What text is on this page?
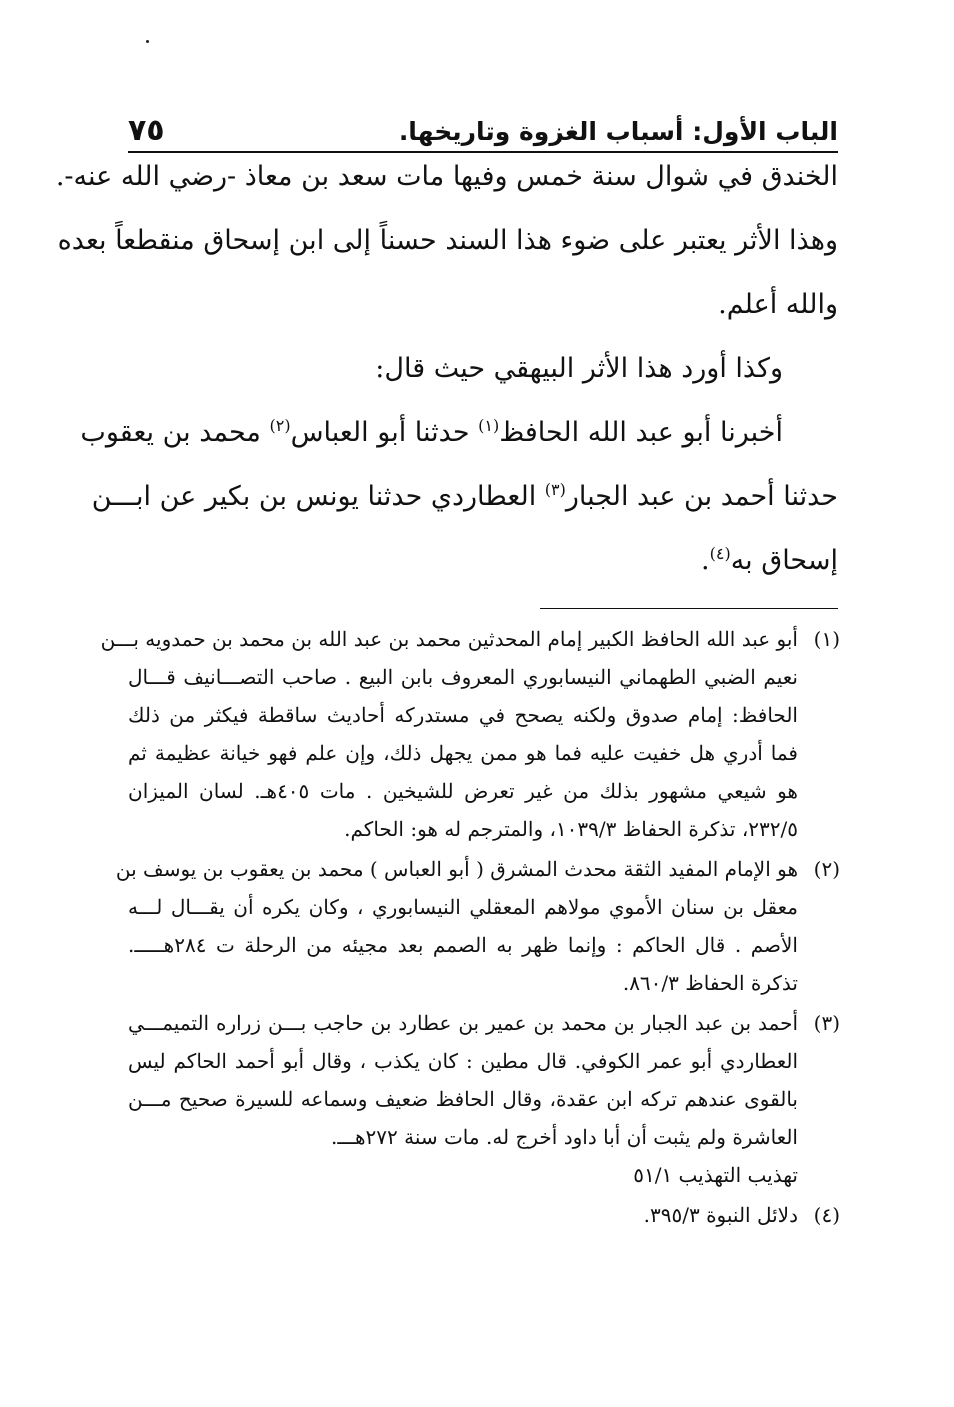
الباب الأول: أسباب الغزوة وتاريخها.
٧٥
الخندق في شوال سنة خمس وفيها مات سعد بن معاذ -رضي الله عنه-.
وهذا الأثر يعتبر على ضوء هذا السند حسناً إلى ابن إسحاق منقطعاً بعده
والله أعلم.
وكذا أورد هذا الأثر البيهقي حيث قال:
أخبرنا أبو عبد الله الحافظ$^{(١)}$ حدثنا أبو العباس$^{(٢)}$ محمد بن يعقوب
حدثنا أحمد بن عبد الجبار$^{(٣)}$ العطاردي حدثنا يونس بن بكير عن ابـــن
إسحاق به$^{(٤)}$.
(١)
أبو عبد الله الحافظ الكبير إمام المحدثين محمد بن عبد الله بن محمد بن حمدويه بـــن
نعيم الضبي الطهماني النيسابوري المعروف بابن البيع . صاحب التصـــانيف قـــال
الحافظ: إمام صدوق ولكنه يصحح في مستدركه أحاديث ساقطة فيكثر من ذلك
فما أدري هل خفيت عليه فما هو ممن يجهل ذلك، وإن علم فهو خيانة عظيمة ثم
هو شيعي مشهور بذلك من غير تعرض للشيخين . مات ٤٠٥هـ. لسان الميزان
٢٣٢/٥، تذكرة الحفاظ ١٠٣٩/٣، والمترجم له هو: الحاكم.
(٢)
هو الإمام المفيد الثقة محدث المشرق ( أبو العباس ) محمد بن يعقوب بن يوسف بن
معقل بن سنان الأموي مولاهم المعقلي النيسابوري ، وكان يكره أن يقـــال لـــه
الأصم . قال الحاكم : وإنما ظهر به الصمم بعد مجيئه من الرحلة ت ٢٨٤هـــــ.
تذكرة الحفاظ ٨٦٠/٣.
(٣)
أحمد بن عبد الجبار بن محمد بن عمير بن عطارد بن حاجب بـــن زراره التميمـــي
العطاردي أبو عمر الكوفي. قال مطين : كان يكذب ، وقال أبو أحمد الحاكم ليس
بالقوى عندهم تركه ابن عقدة، وقال الحافظ ضعيف وسماعه للسيرة صحيح مـــن
العاشرة ولم يثبت أن أبا داود أخرج له. مات سنة ٢٧٢هـــ.
تهذيب التهذيب ٥١/١
(٤)
دلائل النبوة ٣٩٥/٣.
